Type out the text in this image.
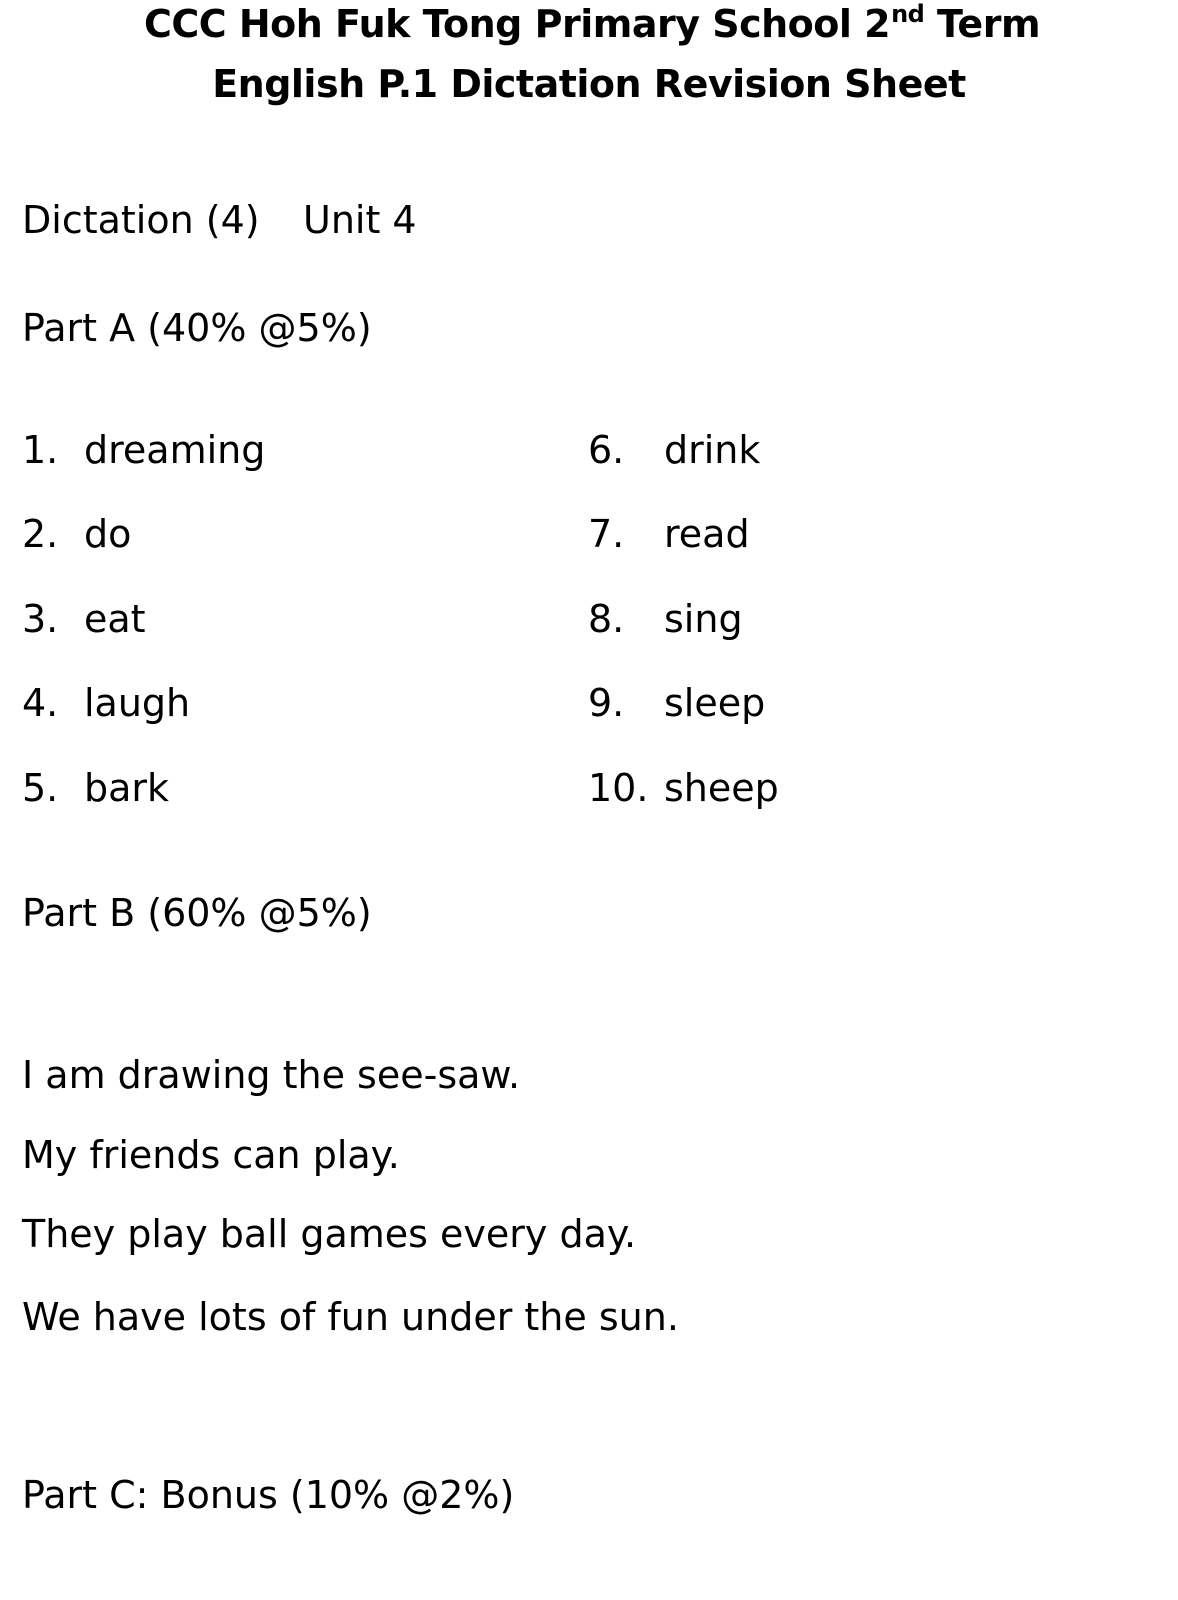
CCC Hoh Fuk Tong Primary School 2nd Term
English P.1 Dictation Revision Sheet
Dictation (4) Unit 4
Part A (40% @5%)
1. dreaming
2. do
3. eat
4. laugh
5. bark
6. drink
7. read
8. sing
9. sleep
10. sheep
Part B (60% @5%)
I am drawing the see-saw.
My friends can play.
They play ball games every day.
We have lots of fun under the sun.
Part C: Bonus (10% @2%)
